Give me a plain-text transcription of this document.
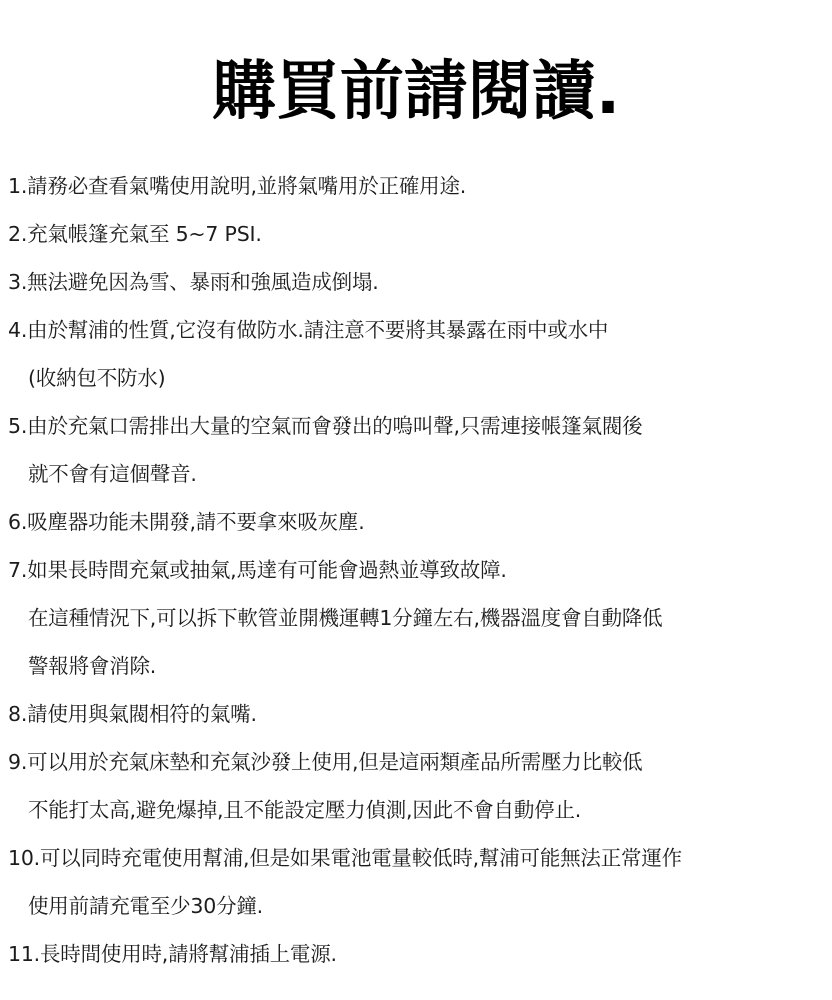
購買前請閱讀.
1.請務必查看氣嘴使用說明,並將氣嘴用於正確用途.
2.充氣帳篷充氣至 5~7 PSI.
3.無法避免因為雪、暴雨和強風造成倒塌.
4.由於幫浦的性質,它沒有做防水.請注意不要將其暴露在雨中或水中
(收納包不防水)
5.由於充氣口需排出大量的空氣而會發出的嗚叫聲,只需連接帳篷氣閥後
就不會有這個聲音.
6.吸塵器功能未開發,請不要拿來吸灰塵.
7.如果長時間充氣或抽氣,馬達有可能會過熱並導致故障.
在這種情況下,可以拆下軟管並開機運轉1分鐘左右,機器溫度會自動降低
警報將會消除.
8.請使用與氣閥相符的氣嘴.
9.可以用於充氣床墊和充氣沙發上使用,但是這兩類產品所需壓力比較低
不能打太高,避免爆掉,且不能設定壓力偵測,因此不會自動停止.
10.可以同時充電使用幫浦,但是如果電池電量較低時,幫浦可能無法正常運作
使用前請充電至少30分鐘.
11.長時間使用時,請將幫浦插上電源.
